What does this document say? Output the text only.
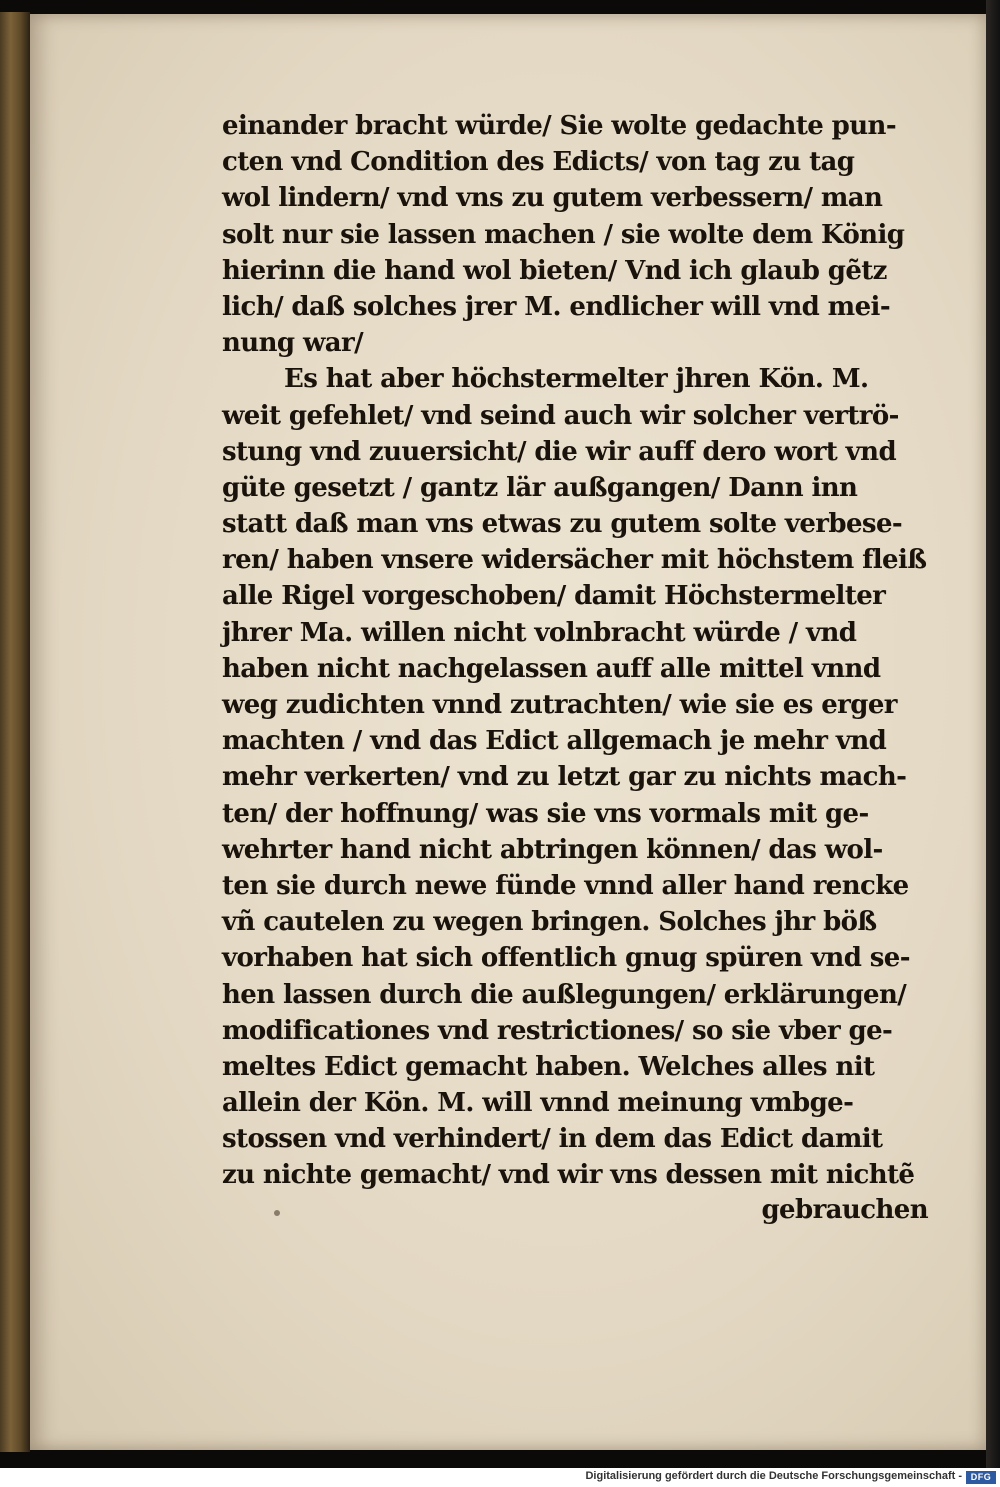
einander bracht würde/ Sie wolte gedachte pun-
cten vnd Condition des Edicts/ von tag zu tag
wol lindern/ vnd vns zu gutem verbessern/ man
solt nur sie lassen machen / sie wolte dem König
hierinn die hand wol bieten/ Vnd ich glaub gẽtz
lich/ daß solches jrer M. endlicher will vnd mei-
nung war/
Es hat aber höchstermelter jhren Kön. M.
weit gefehlet/ vnd seind auch wir solcher vertrö-
stung vnd zuuersicht/ die wir auff dero wort vnd
güte gesetzt / gantz lär außgangen/ Dann inn
statt daß man vns etwas zu gutem solte verbese-
ren/ haben vnsere widersächer mit höchstem fleiß
alle Rigel vorgeschoben/ damit Höchstermelter
jhrer Ma. willen nicht volnbracht würde / vnd
haben nicht nachgelassen auff alle mittel vnnd
weg zudichten vnnd zutrachten/ wie sie es erger
machten / vnd das Edict allgemach je mehr vnd
mehr verkerten/ vnd zu letzt gar zu nichts mach-
ten/ der hoffnung/ was sie vns vormals mit ge-
wehrter hand nicht abtringen können/ das wol-
ten sie durch newe fünde vnnd aller hand rencke
vñ cautelen zu wegen bringen. Solches jhr böß
vorhaben hat sich offentlich gnug spüren vnd se-
hen lassen durch die außlegungen/ erklärungen/
modificationes vnd restrictiones/ so sie vber ge-
meltes Edict gemacht haben. Welches alles nit
allein der Kön. M. will vnnd meinung vmbge-
stossen vnd verhindert/ in dem das Edict damit
zu nichte gemacht/ vnd wir vns dessen mit nichtẽ
gebrauchen
Digitalisierung gefördert durch die Deutsche Forschungsgemeinschaft - DFG
